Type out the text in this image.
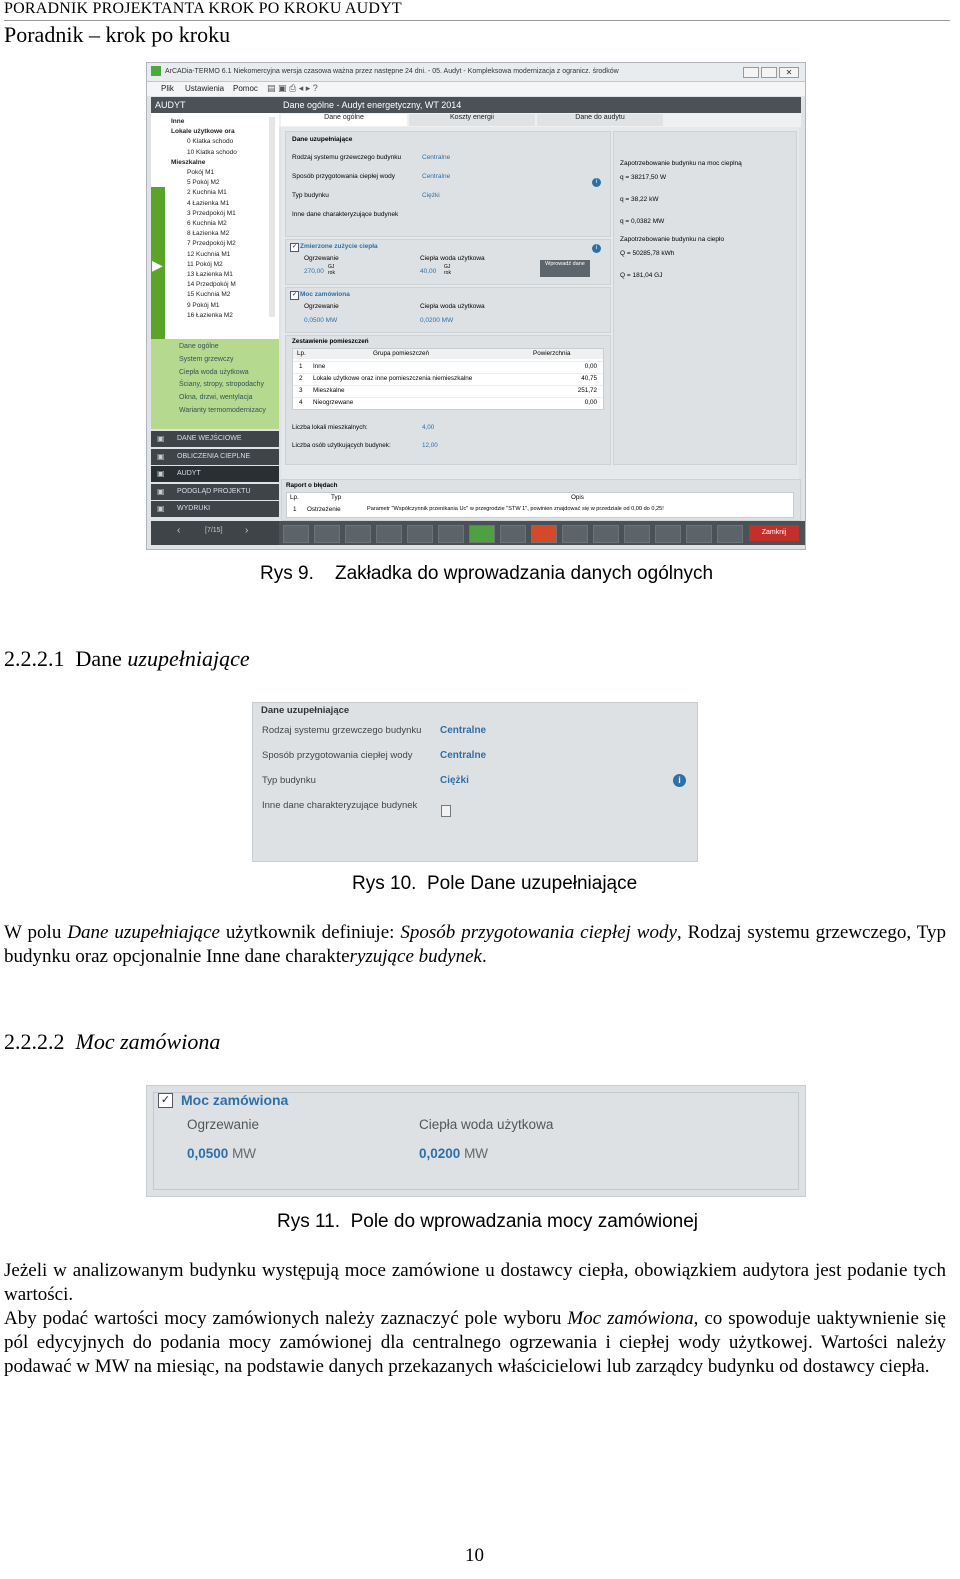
PORADNIK PROJEKTANTA KROK PO KROKU AUDYT
Poradnik – krok po kroku
ArCADia-TERMO 6.1 Niekomercyjna wersja czasowa ważna przez następne 24 dni. - 05. Audyt - Kompleksowa modernizacja z ogranicz. środków	✕
Plik Ustawienia Pomoc ▤ ▣ ⎙ ◂ ▸ ?
AUDYT
Inne
Lokale użytkowe ora
0 Klatka schodo
10 Klatka schodo
Mieszkalne
Pokój M1
5 Pokój M2
2 Kuchnia M1
4 Łazienka M1
3 Przedpokój M1
6 Kuchnia M2
8 Łazienka M2
7 Przedpokój M2
12 Kuchnia M1
11 Pokój M2
13 Łazienka M1
14 Przedpokój M
15 Kuchnia M2
9 Pokój M1
16 Łazienka M2
▶
Dane ogólne
System grzewczy
Ciepła woda użytkowa
Ściany, stropy, stropodachy
Okna, drzwi, wentylacja
Warianty termomodernizacy
▣ DANE WEJŚCIOWE
▣ OBLICZENIA CIEPLNE
▣ AUDYT
▣ PODGLĄD PROJEKTU
▣ WYDRUKI
‹	[7/15] ›
Dane ogólne - Audyt energetyczny, WT 2014
Dane ogólne	Koszty energii	Dane do audytu
Dane uzupełniające
Rodzaj systemu grzewczego budynku	Centralne
Sposób przygotowania ciepłej wody	Centralne
Typ budynku	Ciężki
Inne dane charakteryzujące budynek
i
Zapotrzebowanie budynku na moc cieplną
q = 38217,50 W
q = 38,22 kW
q = 0,0382 MW
Zapotrzebowanie budynku na ciepło
Q = 50285,78 kWh
Q = 181,04 GJ
✓ Zmierzone zużycie ciepła
Ogrzewanie
270,00
GJ
rok
Ciepła woda użytkowa
40,00
GJ
rok
Wprowadź dane
i
✓ Moc zamówiona
Ogrzewanie
0,0500 MW
Ciepła woda użytkowa
0,0200 MW
Zestawienie pomieszczeń
Lp.	Grupa pomieszczeń	Powierzchnia
1 Inne	0,00
2 Lokale użytkowe oraz inne pomieszczenia niemieszkalne	40,75
3 Mieszkalne	251,72
4 Nieogrzewane	0,00
Liczba lokali mieszkalnych:	4,00
Liczba osób użytkujących budynek:	12,00
Raport o błędach
Lp.	Typ	Opis
1 Ostrzeżenie	Parametr "Współczynnik przenikania Uc" w przegrodzie "STW 1", powinien znajdować się w przedziale od 0,00 do 0,25!
Zamknij
Rys 9. Zakładka do wprowadzania danych ogólnych
2.2.2.1 Dane uzupełniające
Dane uzupełniające
Rodzaj systemu grzewczego budynku Centralne
Sposób przygotowania ciepłej wody	Centralne
Typ budynku	Ciężki
Inne dane charakteryzujące budynek
i
Rys 10. Pole Dane uzupełniające
W polu Dane uzupełniające użytkownik definiuje: Sposób przygotowania ciepłej wody, Rodzaj systemu grzewczego, Typ budynku oraz opcjonalnie Inne dane charakteryzujące budynek.
2.2.2.2 Moc zamówiona
✓ Moc zamówiona
Ogrzewanie
0,0500 MW
Ciepła woda użytkowa
0,0200 MW
Rys 11. Pole do wprowadzania mocy zamówionej
Jeżeli w analizowanym budynku występują moce zamówione u dostawcy ciepła, obowiązkiem audytora jest podanie tych wartości.
Aby podać wartości mocy zamówionych należy zaznaczyć pole wyboru Moc zamówiona, co spowoduje uaktywnienie się pól edycyjnych do podania mocy zamówionej dla centralnego ogrzewania i ciepłej wody użytkowej. Wartości należy podawać w MW na miesiąc, na podstawie danych przekazanych właścicielowi lub zarządcy budynku od dostawcy ciepła.
10
